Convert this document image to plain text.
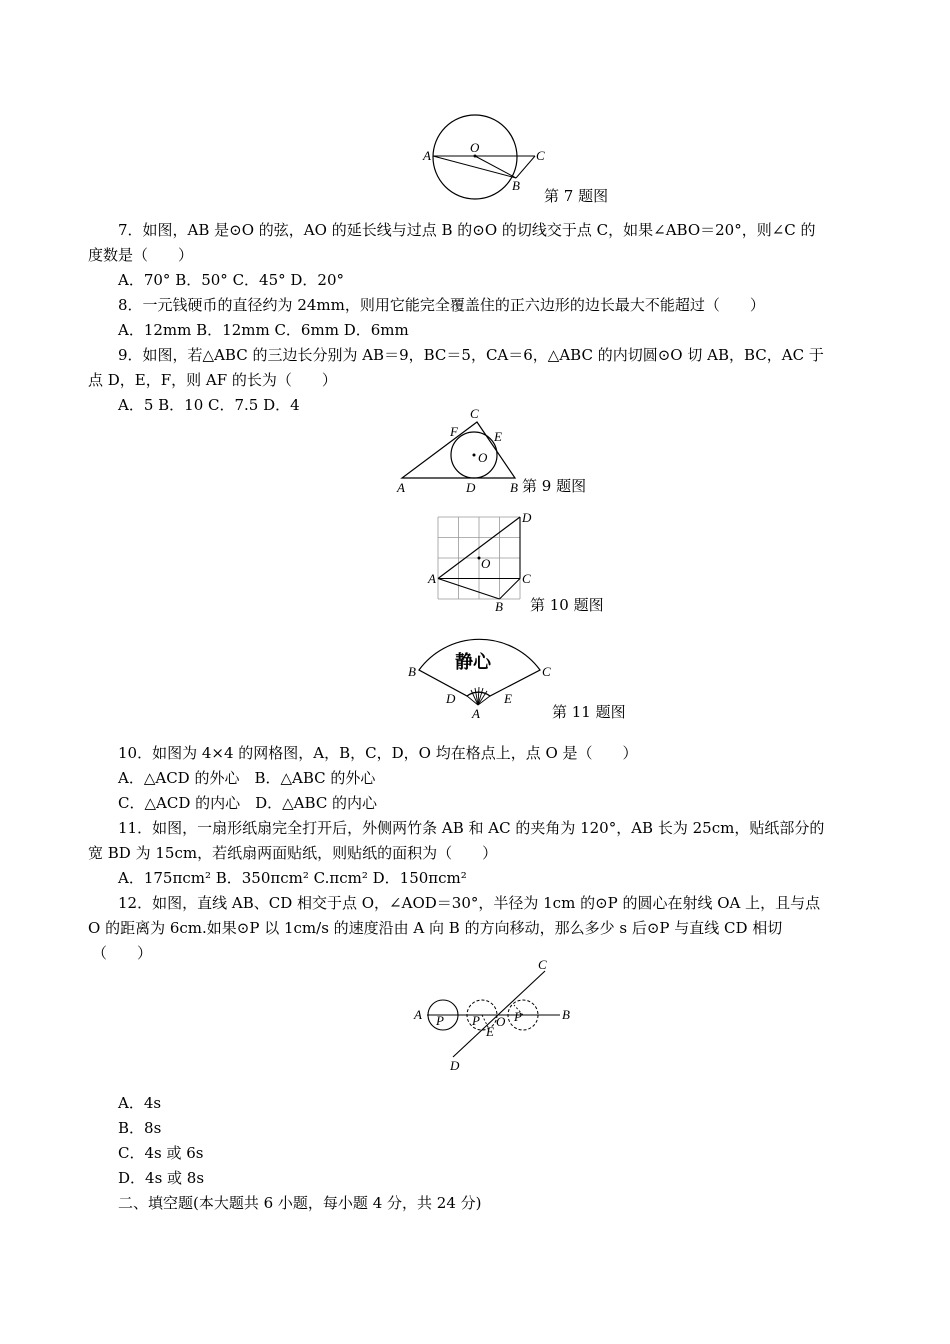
A
O
C
B
第 7 题图
7．如图，AB 是⊙O 的弦，AO 的延长线与过点 B 的⊙O 的切线交于点 C，如果∠ABO＝20°，则∠C 的
度数是（　　）
A．70° B．50° C．45° D．20°
8．一元钱硬币的直径约为 24mm，则用它能完全覆盖住的正六边形的边长最大不能超过（　　）
A．12mm B．12mm C．6mm D．6mm
9．如图，若△ABC 的三边长分别为 AB＝9，BC＝5，CA＝6，△ABC 的内切圆⊙O 切 AB，BC，AC 于
点 D，E，F，则 AF 的长为（　　）
A．5 B．10 C．7.5 D．4	C
F	E
O
A	D	B 第 9 题图
D
O
A	C
B 第 10 题图
静心
B	C
D	E
A	第 11 题图
10．如图为 4×4 的网格图，A，B，C，D，O 均在格点上，点 O 是（　　）
A．△ACD 的外心　B．△ABC 的外心
C．△ACD 的内心　D．△ABC 的内心
11．如图，一扇形纸扇完全打开后，外侧两竹条 AB 和 AC 的夹角为 120°，AB 长为 25cm，贴纸部分的
宽 BD 为 15cm，若纸扇两面贴纸，则贴纸的面积为（　　）
A．175πcm² B．350πcm² C.πcm² D．150πcm²
12．如图，直线 AB、CD 相交于点 O，∠AOD＝30°，半径为 1cm 的⊙P 的圆心在射线 OA 上，且与点
O 的距离为 6cm.如果⊙P 以 1cm/s 的速度沿由 A 向 B 的方向移动，那么多少 s 后⊙P 与直线 CD 相切
（　　）
C
A P P O P
E
B
D
A．4s
B．8s
C．4s 或 6s
D．4s 或 8s
二、填空题(本大题共 6 小题，每小题 4 分，共 24 分)
